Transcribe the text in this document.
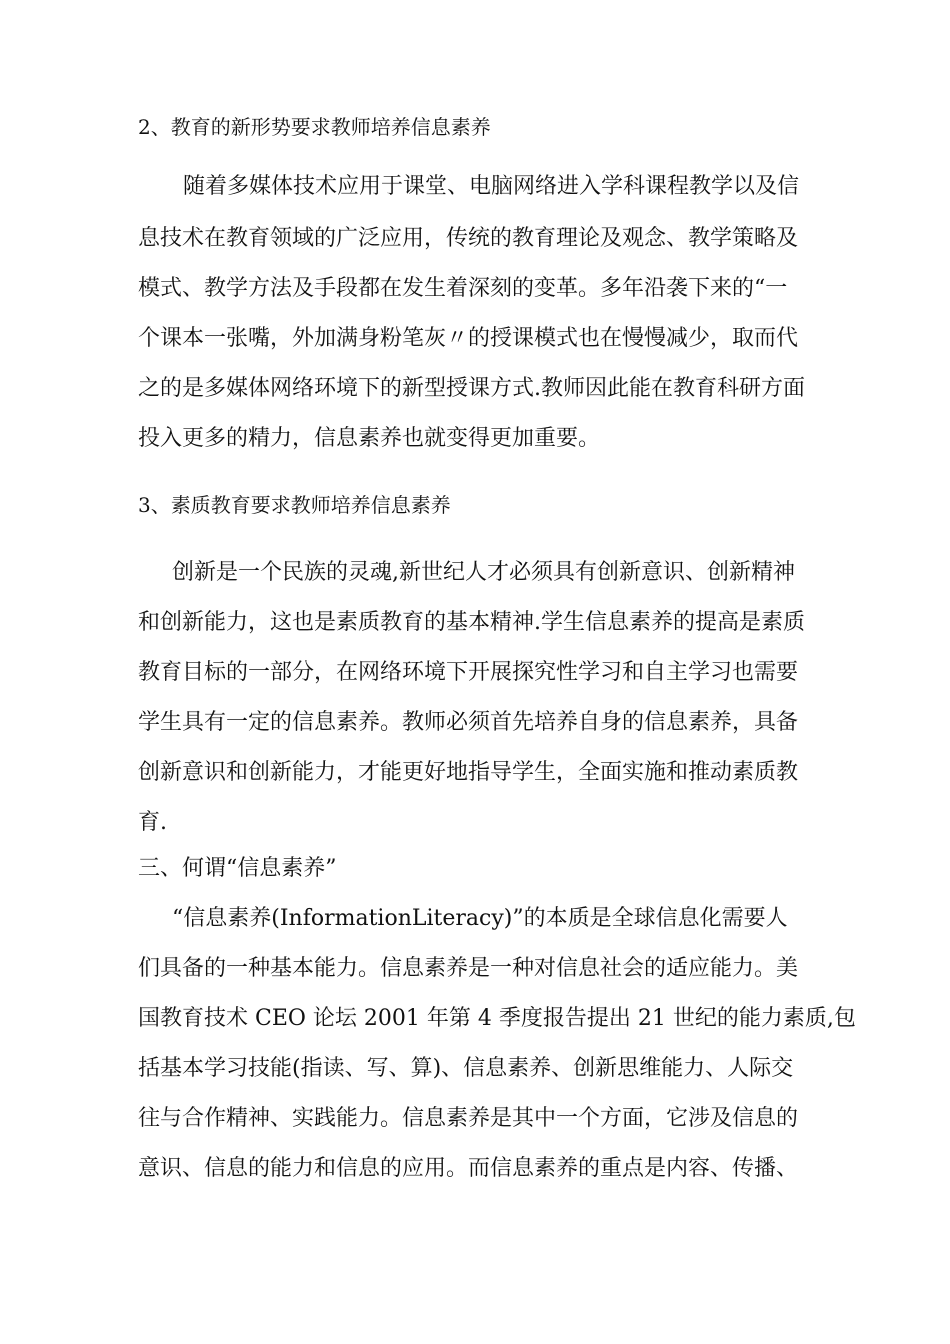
2、教育的新形势要求教师培养信息素养
随着多媒体技术应用于课堂、电脑网络进入学科课程教学以及信
息技术在教育领域的广泛应用，传统的教育理论及观念、教学策略及
模式、教学方法及手段都在发生着深刻的变革。多年沿袭下来的“一
个课本一张嘴，外加满身粉笔灰〃的授课模式也在慢慢减少，取而代
之的是多媒体网络环境下的新型授课方式.教师因此能在教育科研方面
投入更多的精力，信息素养也就变得更加重要。
3、素质教育要求教师培养信息素养
创新是一个民族的灵魂,新世纪人才必须具有创新意识、创新精神
和创新能力，这也是素质教育的基本精神.学生信息素养的提高是素质
教育目标的一部分，在网络环境下开展探究性学习和自主学习也需要
学生具有一定的信息素养。教师必须首先培养自身的信息素养，具备
创新意识和创新能力，才能更好地指导学生，全面实施和推动素质教
育.
三、何谓“信息素养”
“信息素养(InformationLiteracy)”的本质是全球信息化需要人
们具备的一种基本能力。信息素养是一种对信息社会的适应能力。美
国教育技术 CEO 论坛 2001 年第 4 季度报告提出 21 世纪的能力素质,包
括基本学习技能(指读、写、算)、信息素养、创新思维能力、人际交
往与合作精神、实践能力。信息素养是其中一个方面，它涉及信息的
意识、信息的能力和信息的应用。而信息素养的重点是内容、传播、
